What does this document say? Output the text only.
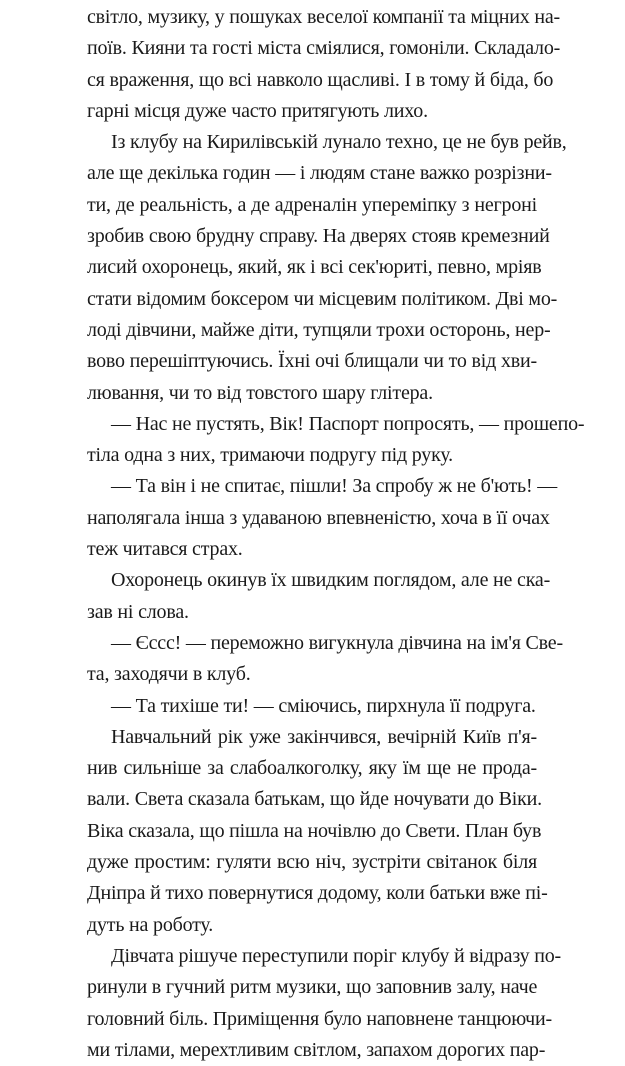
світло, музику, у пошуках веселої компанії та міцних на-
поїв. Кияни та гості міста сміялися, гомоніли. Складало-
ся враження, що всі навколо щасливі. І в тому й біда, бо
гарні місця дуже часто притягують лихо.
Із клубу на Кирилівській лунало техно, це не був рейв,
але ще декілька годин — і людям стане важко розрізни-
ти, де реальність, а де адреналін упереміпку з негроні
зробив свою брудну справу. На дверях стояв кремезний
лисий охоронець, який, як і всі сек'юриті, певно, мріяв
стати відомим боксером чи місцевим політиком. Дві мо-
лоді дівчини, майже діти, тупцяли трохи осторонь, нер-
вово перешіптуючись. Їхні очі блищали чи то від хви-
лювання, чи то від товстого шару глітера.
— Нас не пустять, Вік! Паспорт попросять, — прошепо-
тіла одна з них, тримаючи подругу під руку.
— Та він і не спитає, пішли! За спробу ж не б'ють! —
наполягала інша з удаваною впевненістю, хоча в її очах
теж читався страх.
Охоронець окинув їх швидким поглядом, але не ска-
зав ні слова.
— Єссс! — переможно вигукнула дівчина на ім'я Све-
та, заходячи в клуб.
— Та тихіше ти! — сміючись, пирхнула її подруга.
Навчальний рік уже закінчився, вечірній Київ п'я-
нив сильніше за слабоалкоголку, яку їм ще не прода-
вали. Света сказала батькам, що йде ночувати до Віки.
Віка сказала, що пішла на ночівлю до Свети. План був
дуже простим: гуляти всю ніч, зустріти світанок біля
Дніпра й тихо повернутися додому, коли батьки вже пі-
дуть на роботу.
Дівчата рішуче переступили поріг клубу й відразу по-
ринули в гучний ритм музики, що заповнив залу, наче
головний біль. Приміщення було наповнене танцюючи-
ми тілами, мерехтливим світлом, запахом дорогих пар-
